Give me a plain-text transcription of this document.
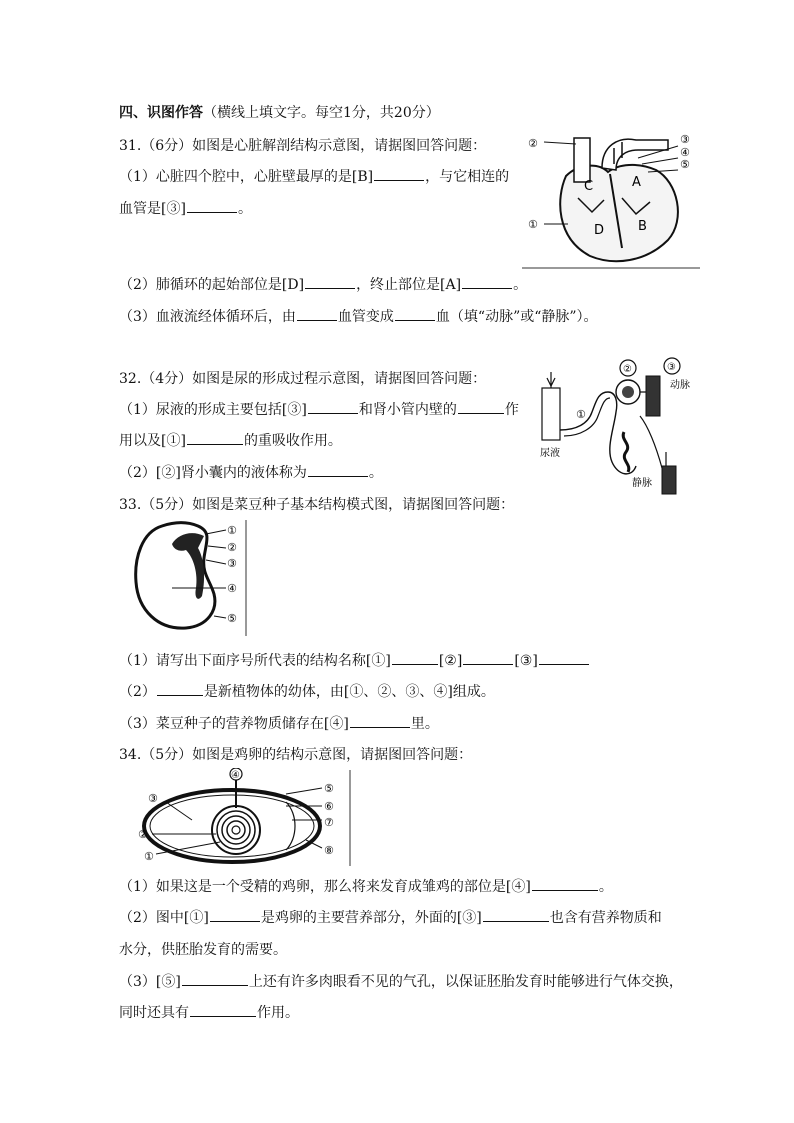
四、识图作答（横线上填文字。每空1分，共20分）
31.（6分）如图是心脏解剖结构示意图，请据图回答问题：
（1）心脏四个腔中，心脏壁最厚的是[B]	，与它相连的
血管是[③]	。
（2）肺循环的起始部位是[D]	，终止部位是[A]	。
（3）血液流经体循环后，由	血管变成	血（填“动脉”或“静脉”）。
②	③
④
⑤
①
C	A
D	B
32.（4分）如图是尿的形成过程示意图，请据图回答问题：
（1）尿液的形成主要包括[③]	和肾小管内壁的	作
用以及[①]	的重吸收作用。
（2）[②]肾小囊内的液体称为	。
尿液
②	③
①
动脉
静脉
33.（5分）如图是菜豆种子基本结构模式图，请据图回答问题：
①
②
③
④
⑤
（1）请写出下面序号所代表的结构名称[①]	[②]	[③]
（2）	是新植物体的幼体，由[①、②、③、④]组成。
（3）菜豆种子的营养物质储存在[④]	里。
34.（5分）如图是鸡卵的结构示意图，请据图回答问题：
④
③
②
①
⑤
⑥
⑦
⑧
（1）如果这是一个受精的鸡卵，那么将来发育成雏鸡的部位是[④]	。
（2）图中[①]	是鸡卵的主要营养部分，外面的[③]	也含有营养物质和
水分，供胚胎发育的需要。
（3）[⑤]	上还有许多肉眼看不见的气孔，以保证胚胎发育时能够进行气体交换，
同时还具有	作用。
